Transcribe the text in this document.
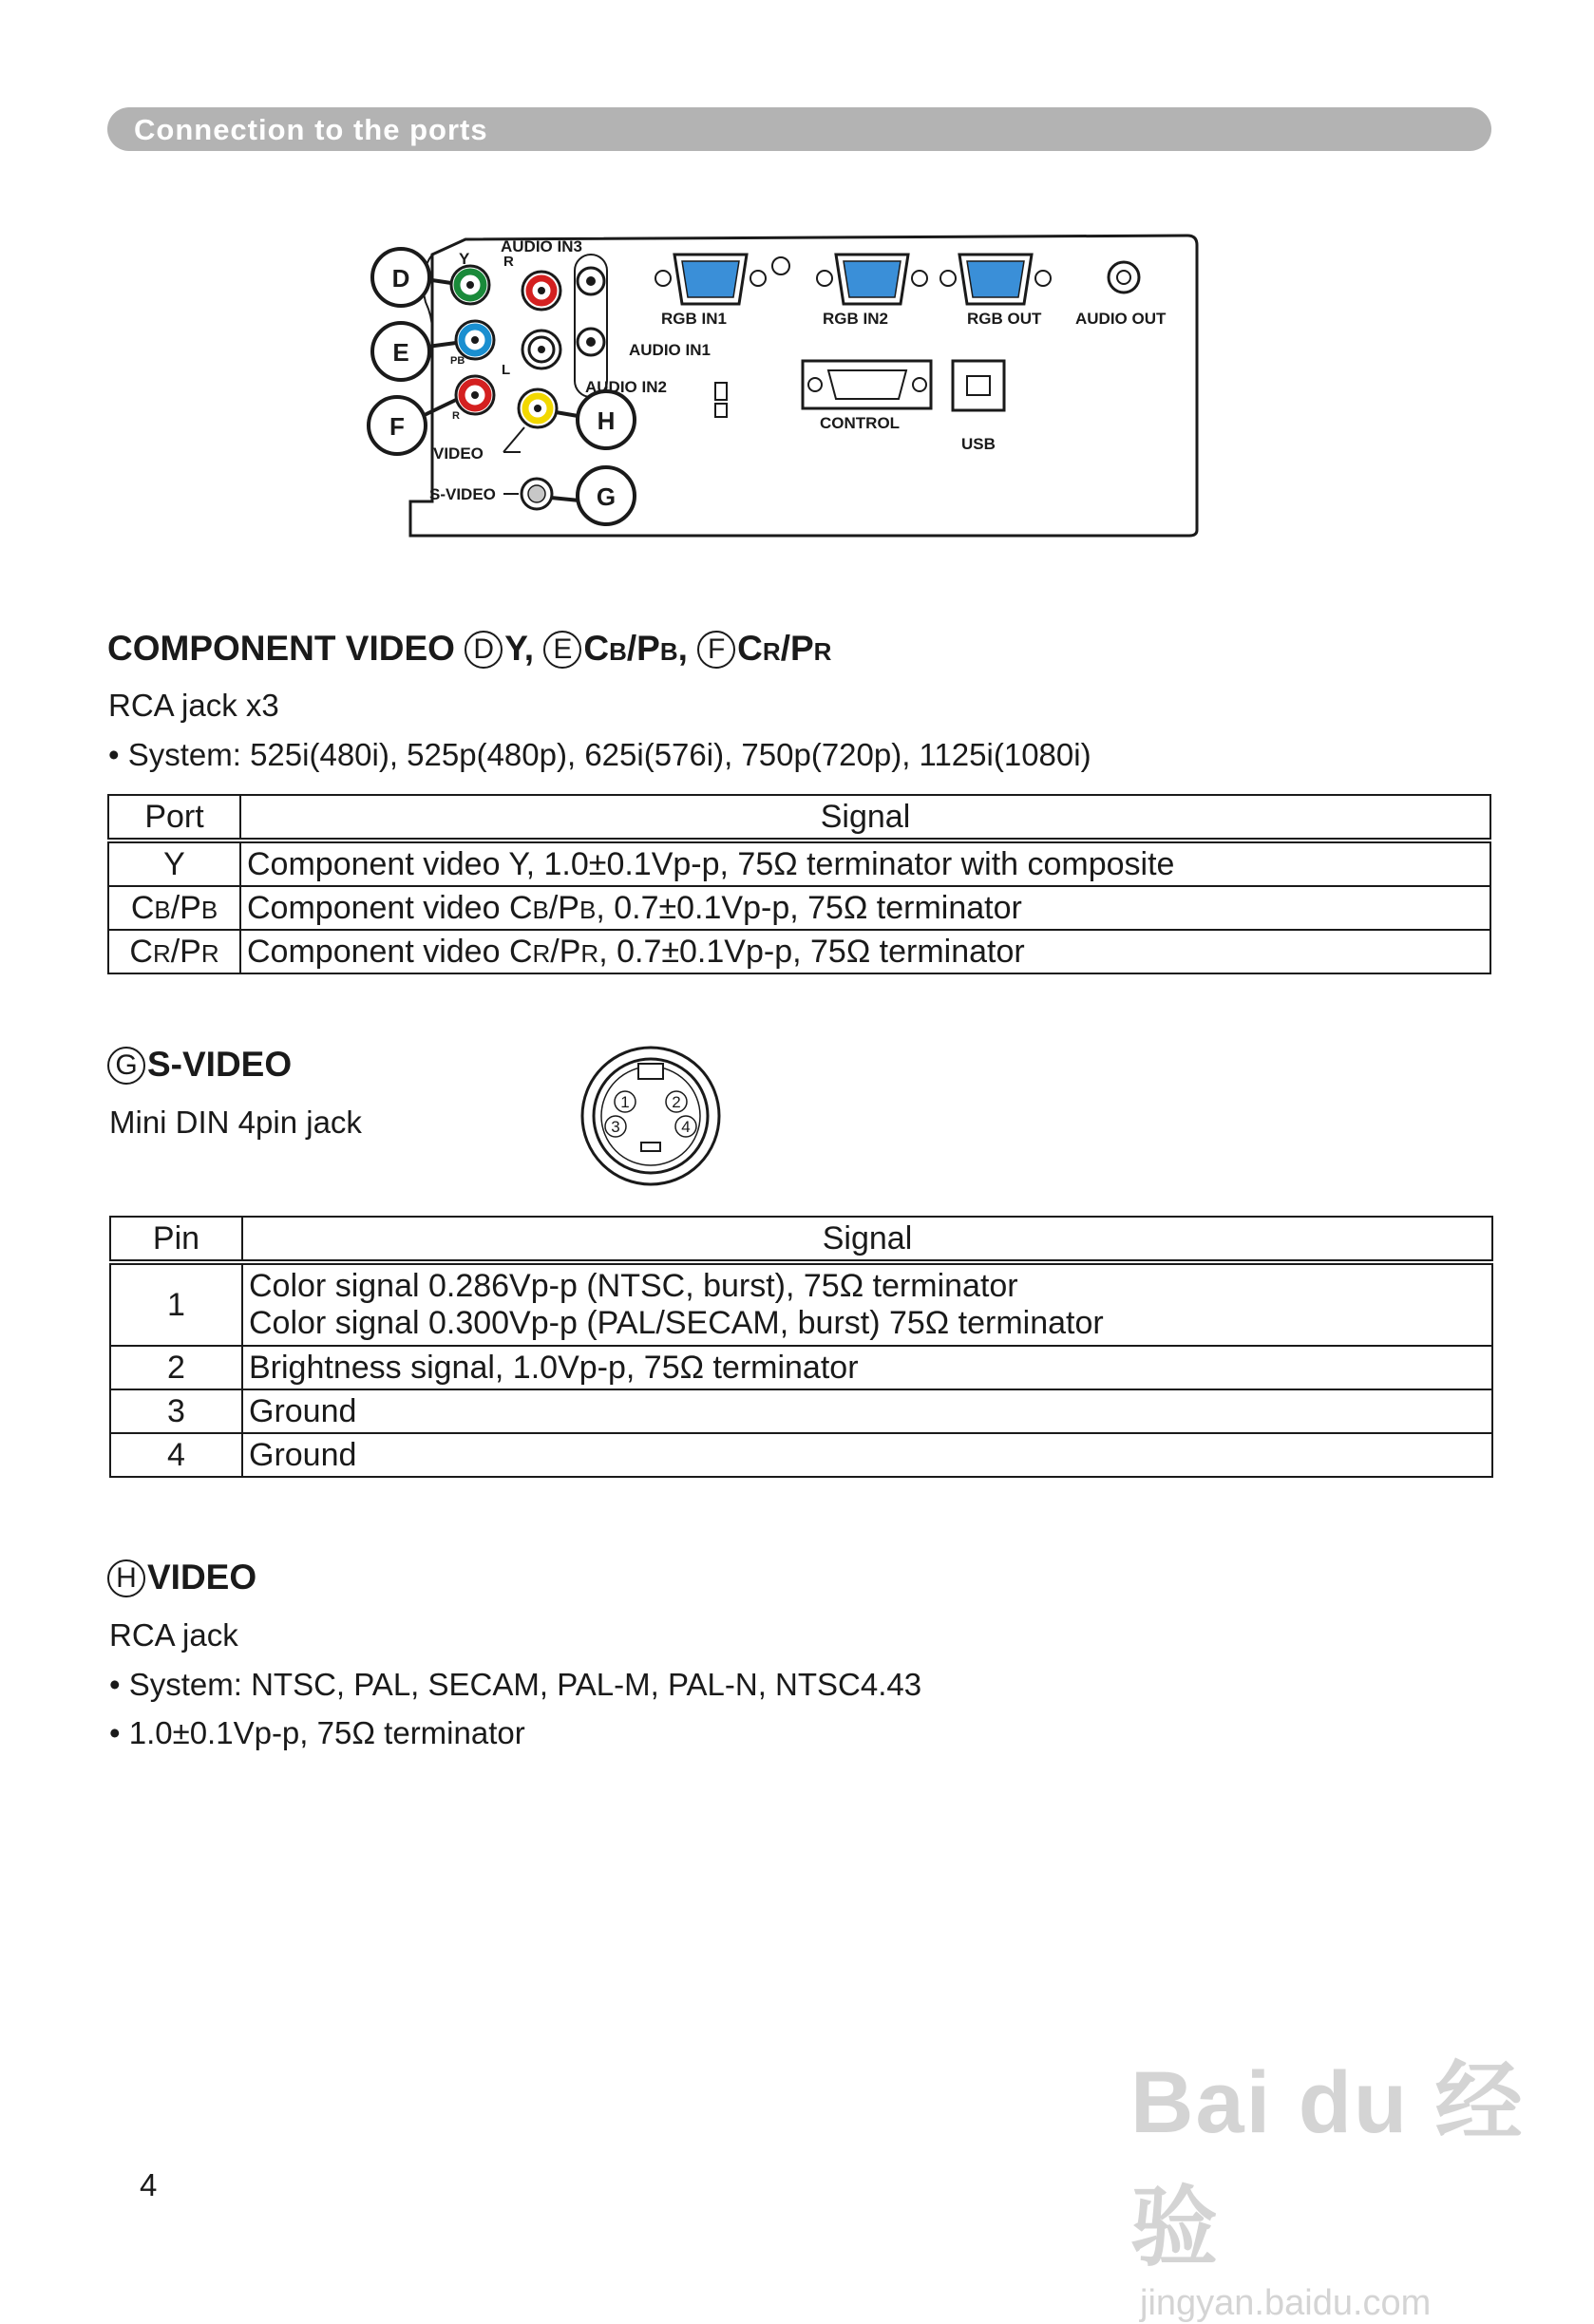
Connection to the ports
D
E
F	H
G
AUDIO IN3
R
Y
PB
R
L
AUDIO IN1
AUDIO IN2
VIDEO
S-VIDEO
RGB IN1	RGB IN2	RGB OUT AUDIO OUT
CONTROL
USB
COMPONENT VIDEO D Y, E CB/PB, F CR/PR
RCA jack x3
• System: 525i(480i), 525p(480p), 625i(576i), 750p(720p), 1125i(1080i)
Port	Signal
Y	Component video Y, 1.0±0.1Vp-p, 75Ω terminator with composite
CB/PB	Component video CB/PB, 0.7±0.1Vp-p, 75Ω terminator
CR/PR	Component video CR/PR, 0.7±0.1Vp-p, 75Ω terminator
G S-VIDEO
Mini DIN 4pin jack
1	2
3	4
Pin	Signal
1	Color signal 0.286Vp-p (NTSC, burst), 75Ω terminator
Color signal 0.300Vp-p (PAL/SECAM, burst) 75Ω terminator

2	Brightness signal, 1.0Vp-p, 75Ω terminator
3	Ground
4	Ground
H VIDEO
RCA jack
• System: NTSC, PAL, SECAM, PAL-M, PAL-N, NTSC4.43
• 1.0±0.1Vp-p, 75Ω terminator
Bai du 经验
jingyan.baidu.com
4
